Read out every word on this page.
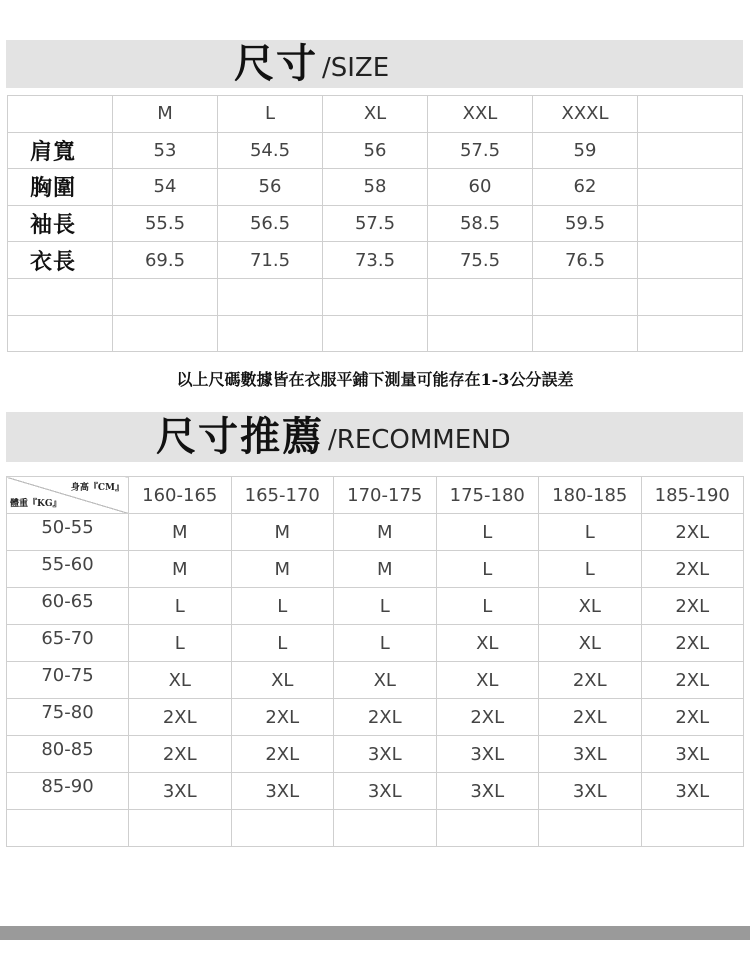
尺寸 /SIZE
	M	L	XL	XXL	XXXL	
肩寬	53	54.5	56	57.5	59	
胸圍	54	56	58	60	62	
袖長	55.5	56.5	57.5	58.5	59.5	
衣長	69.5	71.5	73.5	75.5	76.5	

以上尺碼數據皆在衣服平鋪下測量可能存在1-3公分誤差
尺寸推薦 /RECOMMEND
身高『CM』
體重『KG』	160-165	165-170	170-175	175-180	180-185	185-190
50-55	M	M	M	L	L	2XL
55-60	M	M	M	L	L	2XL
60-65	L	L	L	L	XL	2XL
65-70	L	L	L	XL	XL	2XL
70-75	XL	XL	XL	XL	2XL	2XL
75-80	2XL	2XL	2XL	2XL	2XL	2XL
80-85	2XL	2XL	3XL	3XL	3XL	3XL
85-90	3XL	3XL	3XL	3XL	3XL	3XL
